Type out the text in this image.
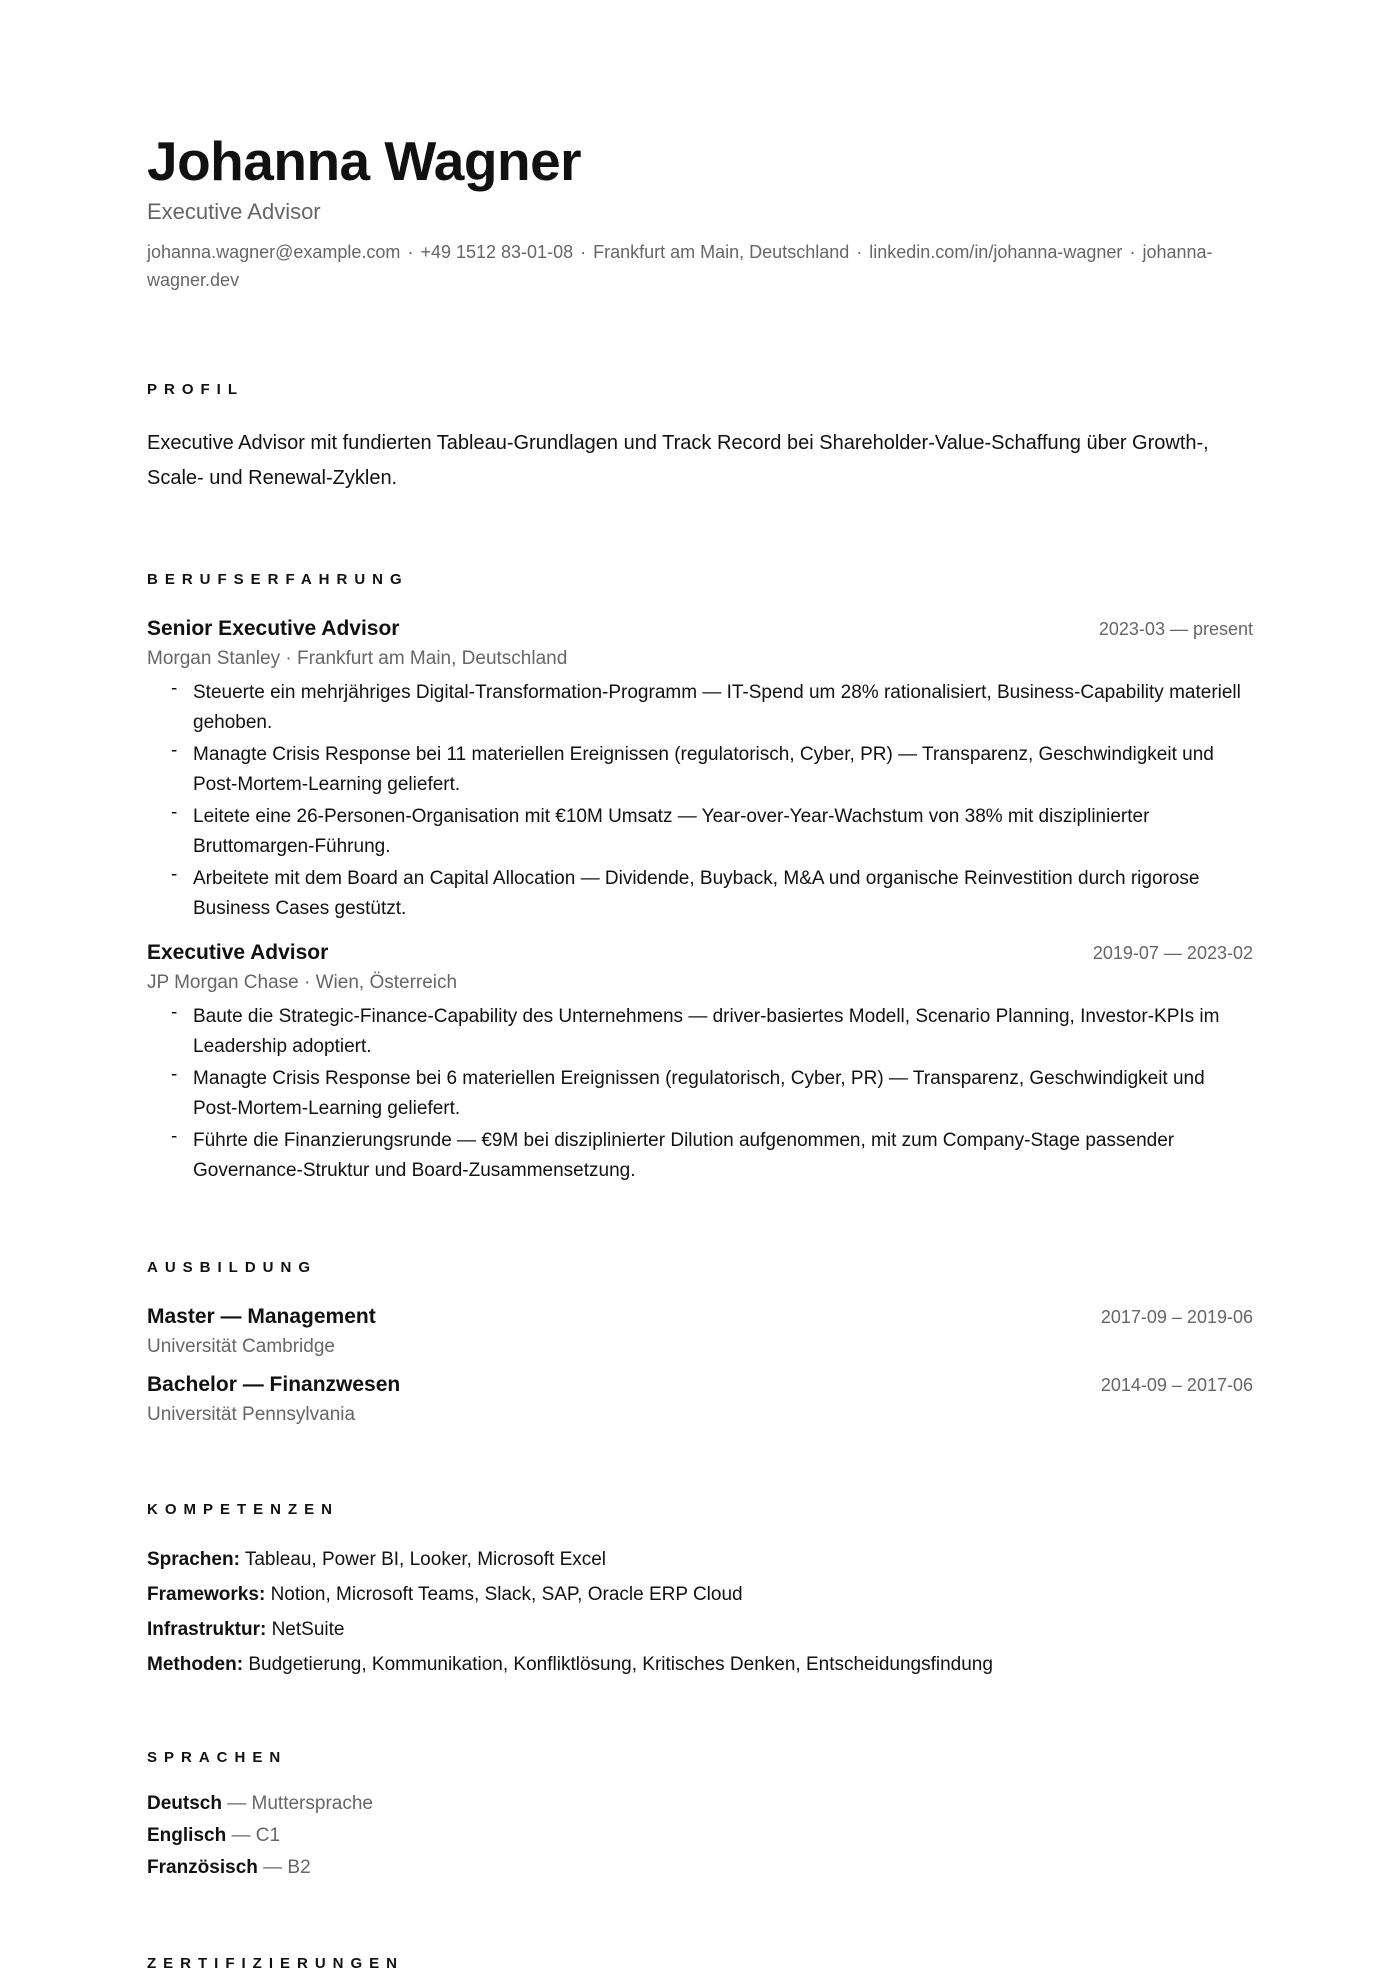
Johanna Wagner
Executive Advisor
johanna.wagner@example.com · +49 1512 83-01-08 · Frankfurt am Main, Deutschland · linkedin.com/in/johanna-wagner · johanna-wagner.dev
PROFIL
Executive Advisor mit fundierten Tableau-Grundlagen und Track Record bei Shareholder-Value-Schaffung über Growth-, Scale- und Renewal-Zyklen.
BERUFSERFAHRUNG
Senior Executive Advisor	2023-03 — present
Morgan Stanley · Frankfurt am Main, Deutschland
- Steuerte ein mehrjähriges Digital-Transformation-Programm — IT-Spend um 28% rationalisiert, Business-Capability materiell gehoben.
- Managte Crisis Response bei 11 materiellen Ereignissen (regulatorisch, Cyber, PR) — Transparenz, Geschwindigkeit und Post-Mortem-Learning geliefert.
- Leitete eine 26-Personen-Organisation mit €10M Umsatz — Year-over-Year-Wachstum von 38% mit disziplinierter Bruttomargen-Führung.
- Arbeitete mit dem Board an Capital Allocation — Dividende, Buyback, M&A und organische Reinvestition durch rigorose Business Cases gestützt.
Executive Advisor	2019-07 — 2023-02
JP Morgan Chase · Wien, Österreich
- Baute die Strategic-Finance-Capability des Unternehmens — driver-basiertes Modell, Scenario Planning, Investor-KPIs im Leadership adoptiert.
- Managte Crisis Response bei 6 materiellen Ereignissen (regulatorisch, Cyber, PR) — Transparenz, Geschwindigkeit und Post-Mortem-Learning geliefert.
- Führte die Finanzierungsrunde — €9M bei disziplinierter Dilution aufgenommen, mit zum Company-Stage passender Governance-Struktur und Board-Zusammensetzung.
AUSBILDUNG
Master — Management	2017-09 – 2019-06
Universität Cambridge
Bachelor — Finanzwesen	2014-09 – 2017-06
Universität Pennsylvania
KOMPETENZEN
Sprachen: Tableau, Power BI, Looker, Microsoft Excel
Frameworks: Notion, Microsoft Teams, Slack, SAP, Oracle ERP Cloud
Infrastruktur: NetSuite
Methoden: Budgetierung, Kommunikation, Konfliktlösung, Kritisches Denken, Entscheidungsfindung
SPRACHEN
Deutsch — Muttersprache
Englisch — C1
Französisch — B2
ZERTIFIZIERUNGEN
